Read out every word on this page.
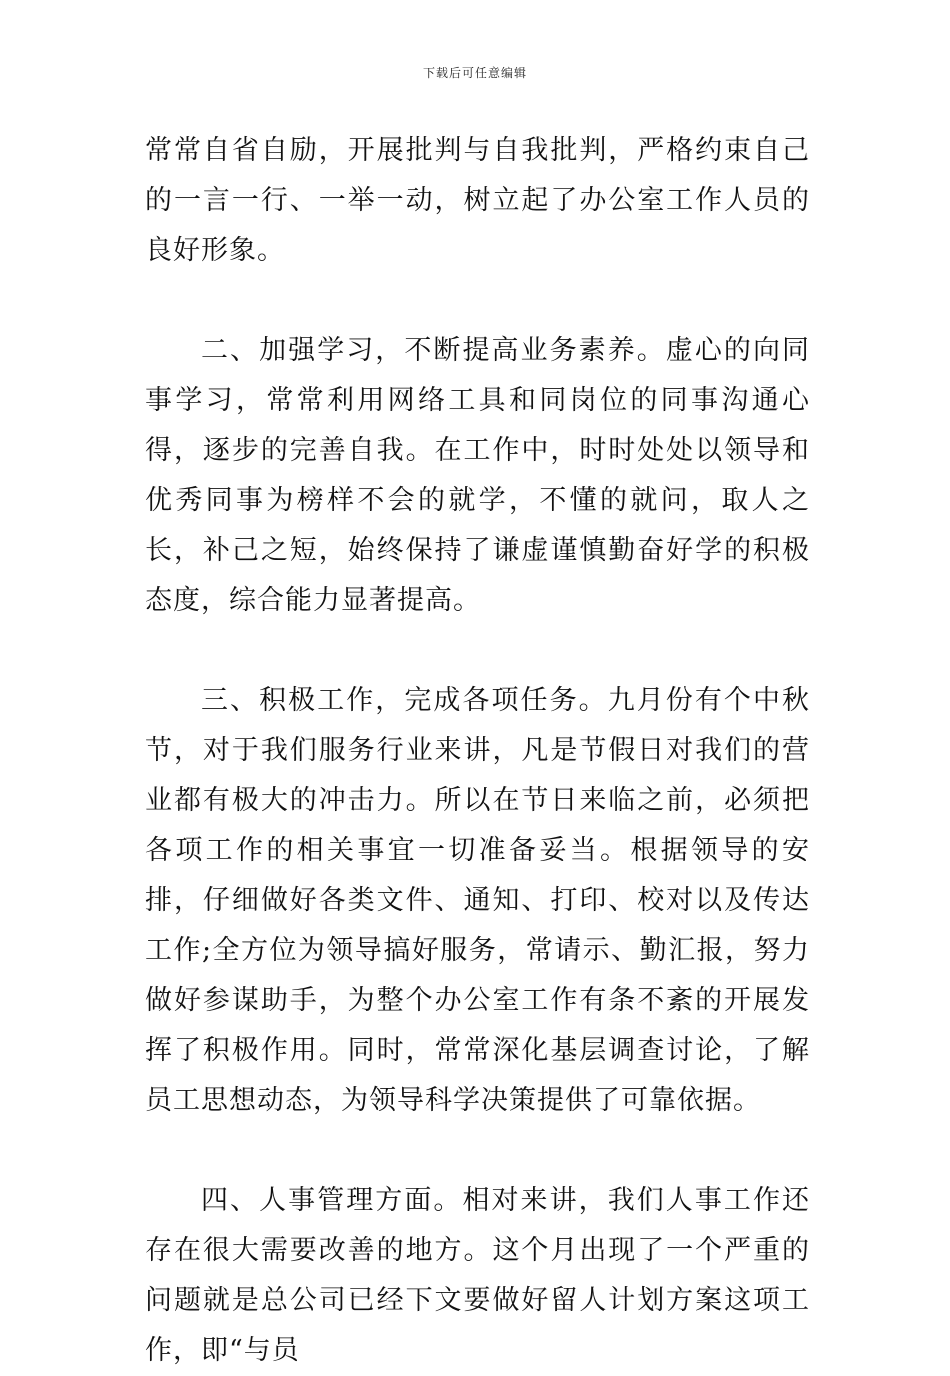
下载后可任意编辑

常常自省自励，开展批判与自我批判，严格约束自己的一言一行、一举一动，树立起了办公室工作人员的良好形象。

二、加强学习，不断提高业务素养。虚心的向同事学习，常常利用网络工具和同岗位的同事沟通心得，逐步的完善自我。在工作中，时时处处以领导和优秀同事为榜样不会的就学，不懂的就问，取人之长，补己之短，始终保持了谦虚谨慎勤奋好学的积极态度，综合能力显著提高。

三、积极工作，完成各项任务。九月份有个中秋节，对于我们服务行业来讲，凡是节假日对我们的营业都有极大的冲击力。所以在节日来临之前，必须把各项工作的相关事宜一切准备妥当。根据领导的安排，仔细做好各类文件、通知、打印、校对以及传达工作;全方位为领导搞好服务，常请示、勤汇报，努力做好参谋助手，为整个办公室工作有条不紊的开展发挥了积极作用。同时，常常深化基层调查讨论，了解员工思想动态，为领导科学决策提供了可靠依据。

四、人事管理方面。相对来讲，我们人事工作还存在很大需要改善的地方。这个月出现了一个严重的问题就是总公司已经下文要做好留人计划方案这项工作，即“与员
